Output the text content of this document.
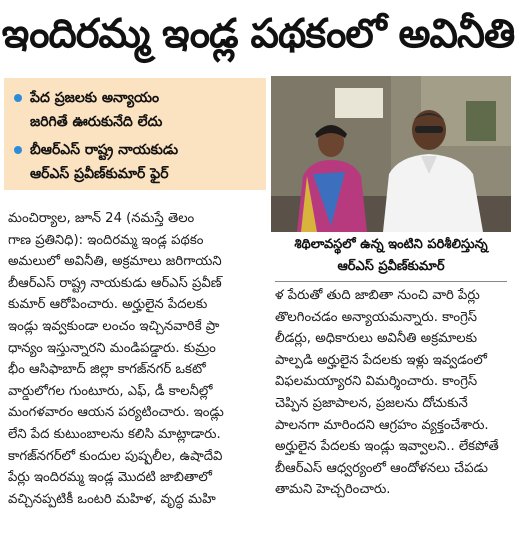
ఇందిరమ్మ ఇండ్ల పథకంలో అవినీతి
పేద ప్రజలకు అన్యాయం
జరిగితే ఊరుకునేది లేదు
బీఆర్ఎస్ రాష్ట్ర నాయకుడు
ఆర్ఎస్ ప్రవీణ్‌కుమార్ ఫైర్
శిథిలావస్థలో ఉన్న ఇంటిని పరిశీలిస్తున్న
ఆర్ఎస్ ప్రవీణ్‌కుమార్
మంచిర్యాల, జూన్ 24 (నమస్తే తెలం
గాణ ప్రతినిధి): ఇందిరమ్మ ఇండ్ల పథకం
అమలులో అవినీతి, అక్రమాలు జరిగాయని
బీఆర్ఎస్ రాష్ట్ర నాయకుడు ఆర్ఎస్ ప్రవీణ్
కుమార్ ఆరోపించారు. అర్హులైన పేదలకు
ఇండ్లు ఇవ్వకుండా లంచం ఇచ్చినవారికే ప్రా
ధాన్యం ఇస్తున్నారని మండిపడ్డారు. కుమ్రం
భీం ఆసిఫాబాద్ జిల్లా కాగజ్‌నగర్ ఒకటో
వార్డులోగల గుంటూరు, ఎఫ్, డీ కాలనీల్లో
మంగళవారం ఆయన పర్యటించారు. ఇండ్లు
లేని పేద కుటుంబాలను కలిసి మాట్లాడారు.
కాగజ్‌నగర్‌లో కుందుల పుష్పలీల, ఉషాదేవి
పేర్లు ఇందిరమ్మ ఇండ్ల మొదటి జాబితాలో
వచ్చినప్పటికీ ఒంటరి మహిళ, వృద్ధ మహి
ళ పేరుతో తుది జాబితా నుంచి వారి పేర్లు
తొలగించడం అన్యాయమన్నారు. కాంగ్రెస్
లీడర్లు, అధికారులు అవినీతి అక్రమాలకు
పాల్పడి అర్హులైన పేదలకు ఇళ్లు ఇవ్వడంలో
విఫలమయ్యారని విమర్శించారు. కాంగ్రెస్
చెప్పిన ప్రజాపాలన, ప్రజలను దోచుకునే
పాలనగా మారిందని ఆగ్రహం వ్యక్తంచేశారు.
అర్హులైన పేదలకు ఇండ్లు ఇవ్వాలని.. లేకపోతే
బీఆర్ఎస్ ఆధ్వర్యంలో ఆందోళనలు చేపడు
తామని హెచ్చరించారు.
